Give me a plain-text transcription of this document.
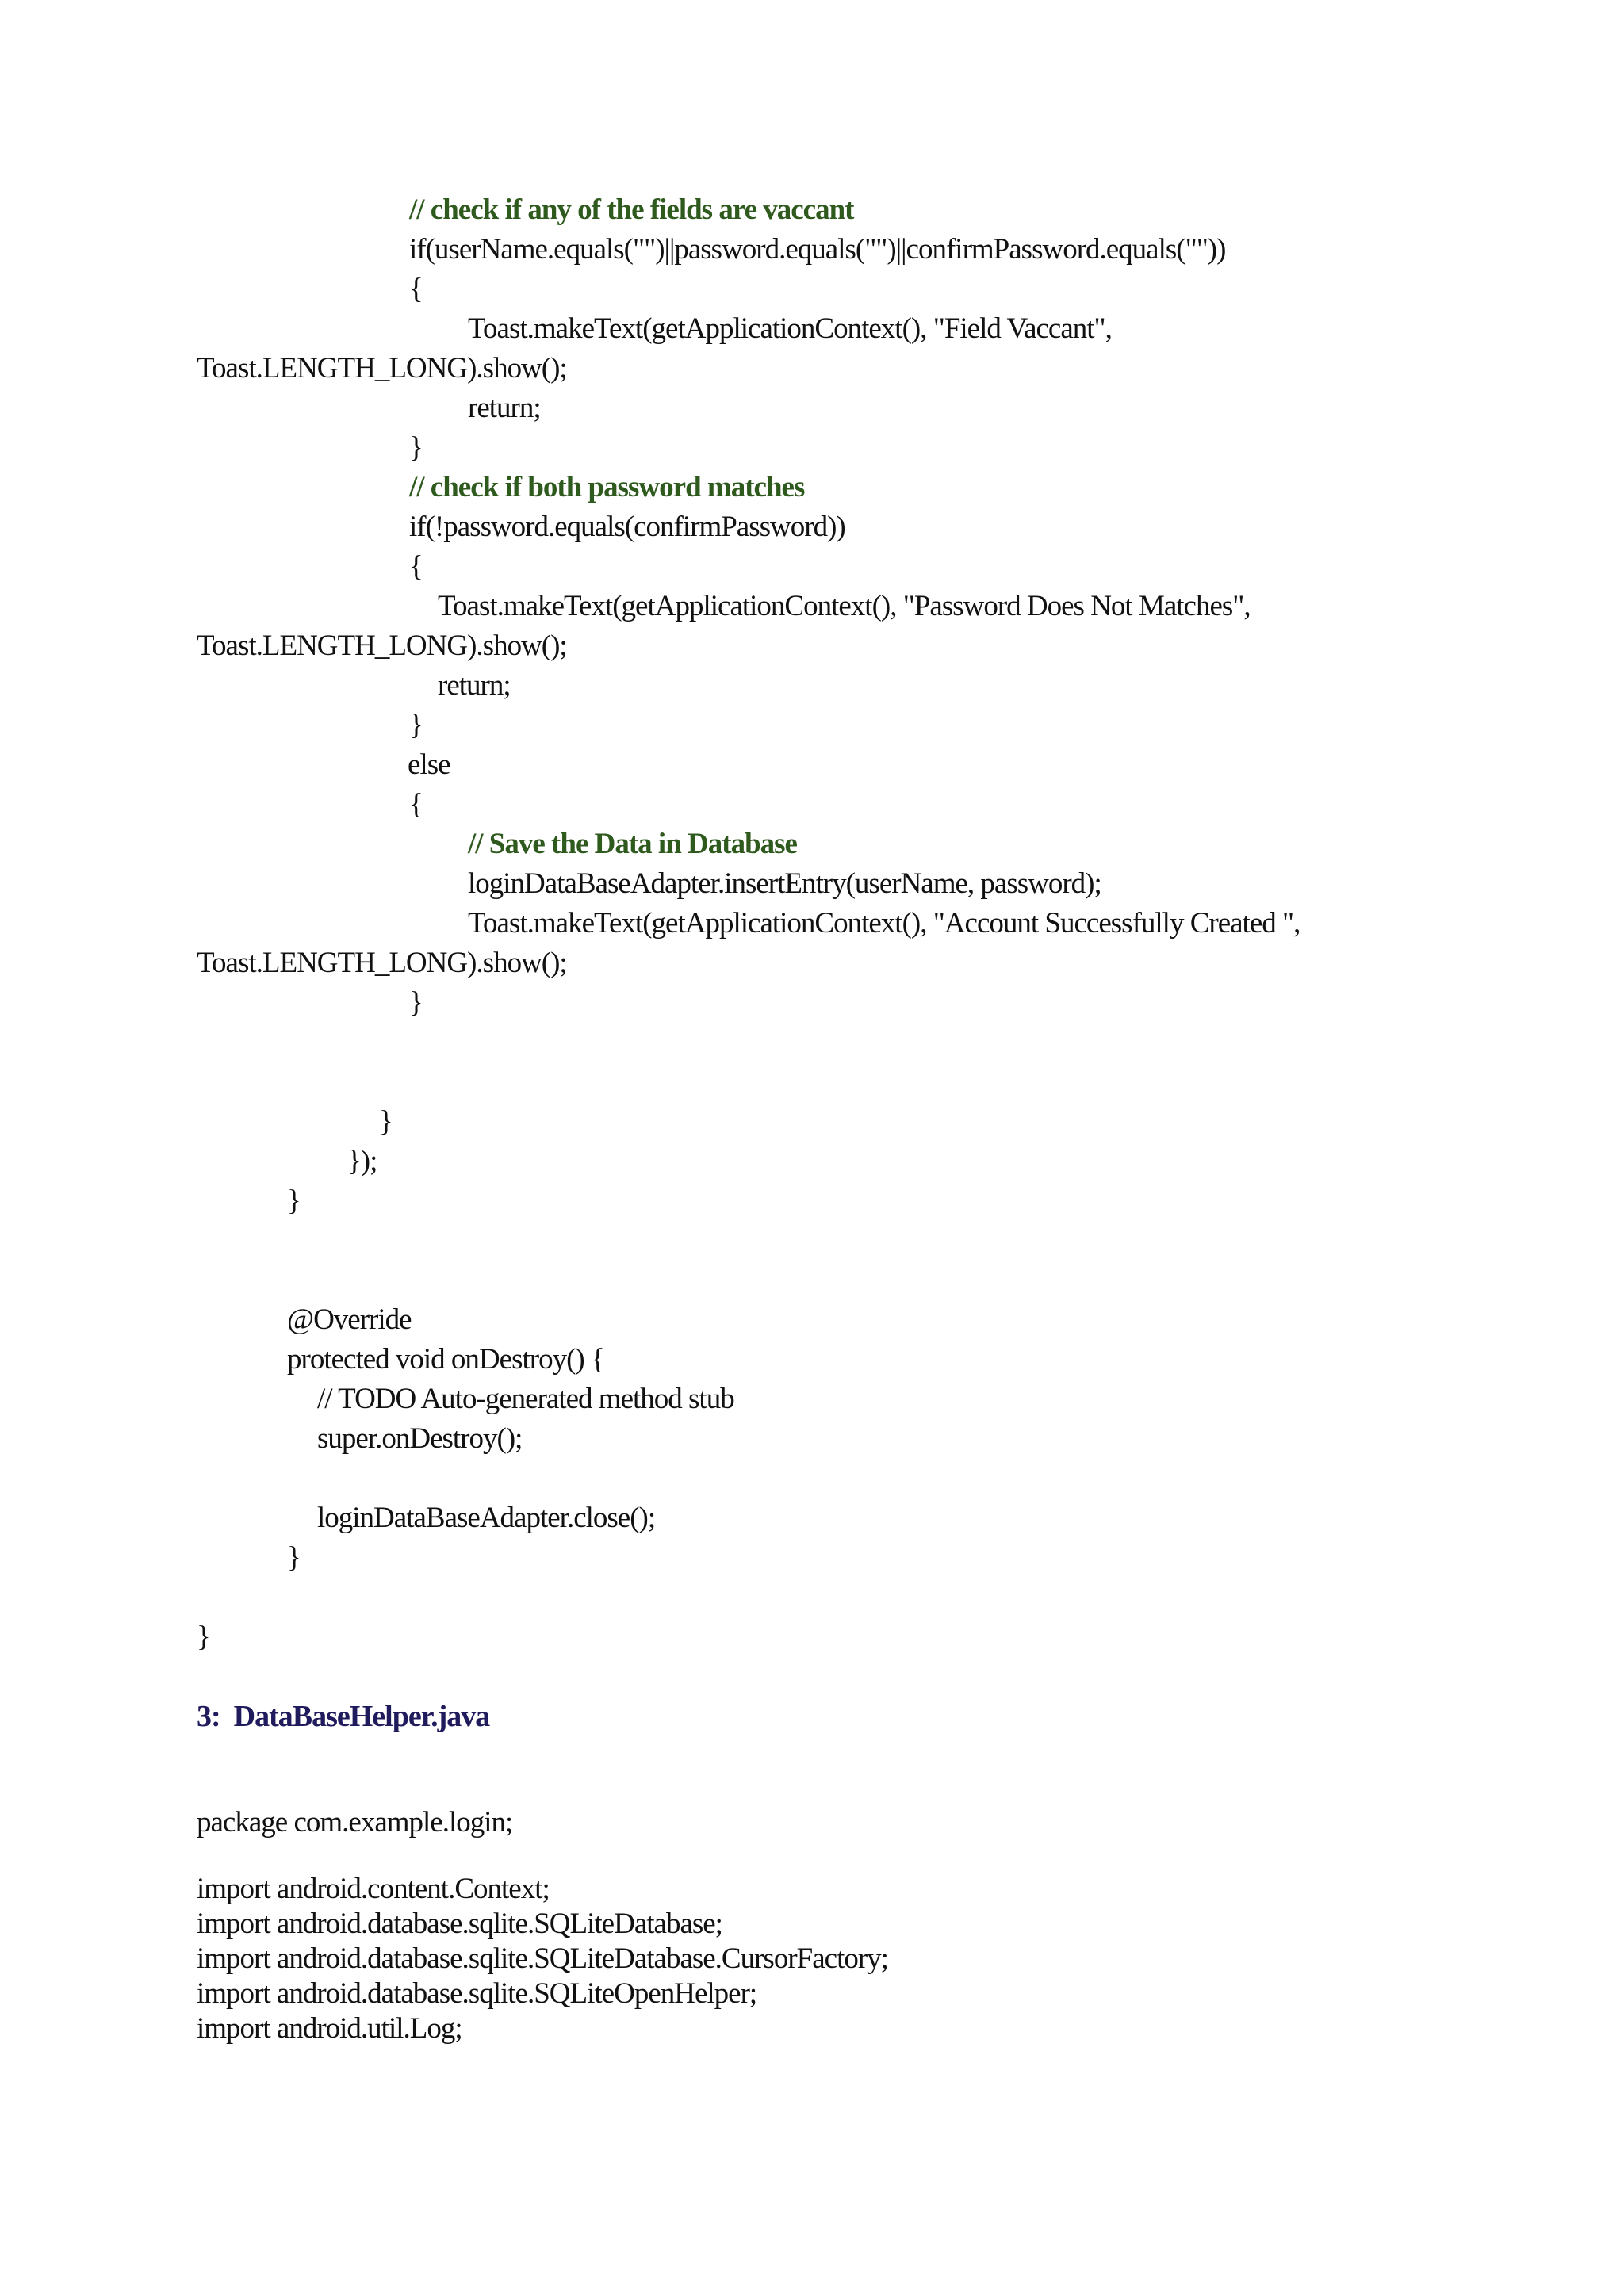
// check if any of the fields are vaccant
if(userName.equals("")||password.equals("")||confirmPassword.equals(""))
{
Toast.makeText(getApplicationContext(), "Field Vaccant",
Toast.LENGTH_LONG).show();
return;
}
// check if both password matches
if(!password.equals(confirmPassword))
{
Toast.makeText(getApplicationContext(), "Password Does Not Matches",
Toast.LENGTH_LONG).show();
return;
}
else
{
// Save the Data in Database
loginDataBaseAdapter.insertEntry(userName, password);
Toast.makeText(getApplicationContext(), "Account Successfully Created ",
Toast.LENGTH_LONG).show();
}
}
});
}
@Override
protected void onDestroy() {
// TODO Auto-generated method stub
super.onDestroy();
loginDataBaseAdapter.close();
}
}
3:  DataBaseHelper.java
package com.example.login;
import android.content.Context;
import android.database.sqlite.SQLiteDatabase;
import android.database.sqlite.SQLiteDatabase.CursorFactory;
import android.database.sqlite.SQLiteOpenHelper;
import android.util.Log;
